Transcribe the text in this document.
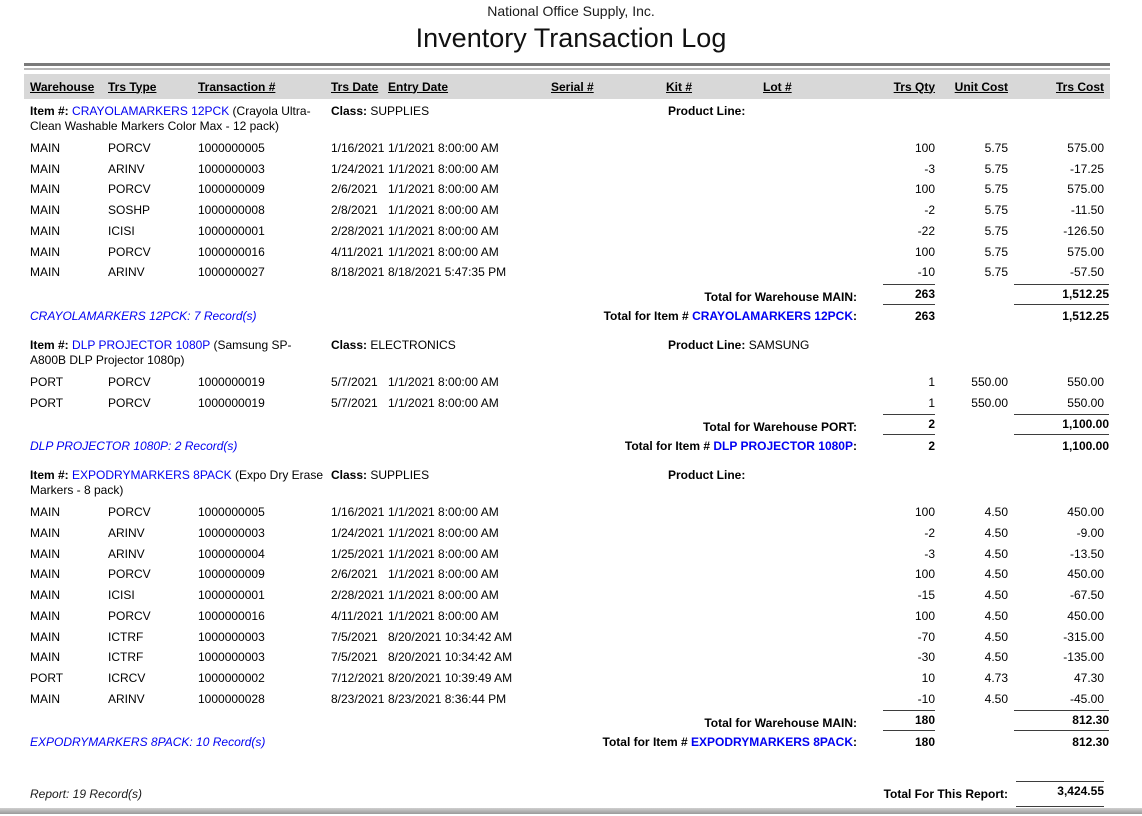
National Office Supply, Inc.
Inventory Transaction Log
Warehouse	Trs Type	Transaction #	Trs Date Entry Date	Serial #	Kit #	Lot #	Trs Qty	Unit Cost	Trs Cost
Item #: CRAYOLAMARKERS 12PCK (Crayola Ultra-Clean Washable Markers Color Max - 12 pack)
Class: SUPPLIES	Product Line:
MAIN	PORCV	1000000005	1/16/2021 1/1/2021 8:00:00 AM	100	5.75	575.00
MAIN	ARINV	1000000003	1/24/2021 1/1/2021 8:00:00 AM	-3	5.75	-17.25
MAIN	PORCV	1000000009	2/6/2021 1/1/2021 8:00:00 AM	100	5.75	575.00
MAIN	SOSHP	1000000008	2/8/2021 1/1/2021 8:00:00 AM	-2	5.75	-11.50
MAIN	ICISI	1000000001	2/28/2021 1/1/2021 8:00:00 AM	-22	5.75	-126.50
MAIN	PORCV	1000000016	4/11/2021 1/1/2021 8:00:00 AM	100	5.75	575.00
MAIN	ARINV	1000000027	8/18/2021 8/18/2021 5:47:35 PM	-10	5.75	-57.50
Total for Warehouse MAIN:	263	1,512.25
CRAYOLAMARKERS 12PCK: 7 Record(s)	Total for Item # CRAYOLAMARKERS 12PCK:	263	1,512.25
Item #: DLP PROJECTOR 1080P (Samsung SP-A800B DLP Projector 1080p)
Class: ELECTRONICS	Product Line: SAMSUNG
PORT	PORCV	1000000019	5/7/2021 1/1/2021 8:00:00 AM	1	550.00	550.00
PORT	PORCV	1000000019	5/7/2021 1/1/2021 8:00:00 AM	1	550.00	550.00
Total for Warehouse PORT:	2	1,100.00
DLP PROJECTOR 1080P: 2 Record(s)	Total for Item # DLP PROJECTOR 1080P:	2	1,100.00
Item #: EXPODRYMARKERS 8PACK (Expo Dry Erase Markers - 8 pack)
Class: SUPPLIES	Product Line:
MAIN	PORCV	1000000005	1/16/2021 1/1/2021 8:00:00 AM	100	4.50	450.00
MAIN	ARINV	1000000003	1/24/2021 1/1/2021 8:00:00 AM	-2	4.50	-9.00
MAIN	ARINV	1000000004	1/25/2021 1/1/2021 8:00:00 AM	-3	4.50	-13.50
MAIN	PORCV	1000000009	2/6/2021 1/1/2021 8:00:00 AM	100	4.50	450.00
MAIN	ICISI	1000000001	2/28/2021 1/1/2021 8:00:00 AM	-15	4.50	-67.50
MAIN	PORCV	1000000016	4/11/2021 1/1/2021 8:00:00 AM	100	4.50	450.00
MAIN	ICTRF	1000000003	7/5/2021 8/20/2021 10:34:42 AM	-70	4.50	-315.00
MAIN	ICTRF	1000000003	7/5/2021 8/20/2021 10:34:42 AM	-30	4.50	-135.00
PORT	ICRCV	1000000002	7/12/2021 8/20/2021 10:39:49 AM	10	4.73	47.30
MAIN	ARINV	1000000028	8/23/2021 8/23/2021 8:36:44 PM	-10	4.50	-45.00
Total for Warehouse MAIN:	180	812.30
EXPODRYMARKERS 8PACK: 10 Record(s)	Total for Item # EXPODRYMARKERS 8PACK:	180	812.30
Report: 19 Record(s)	Total For This Report:	3,424.55
